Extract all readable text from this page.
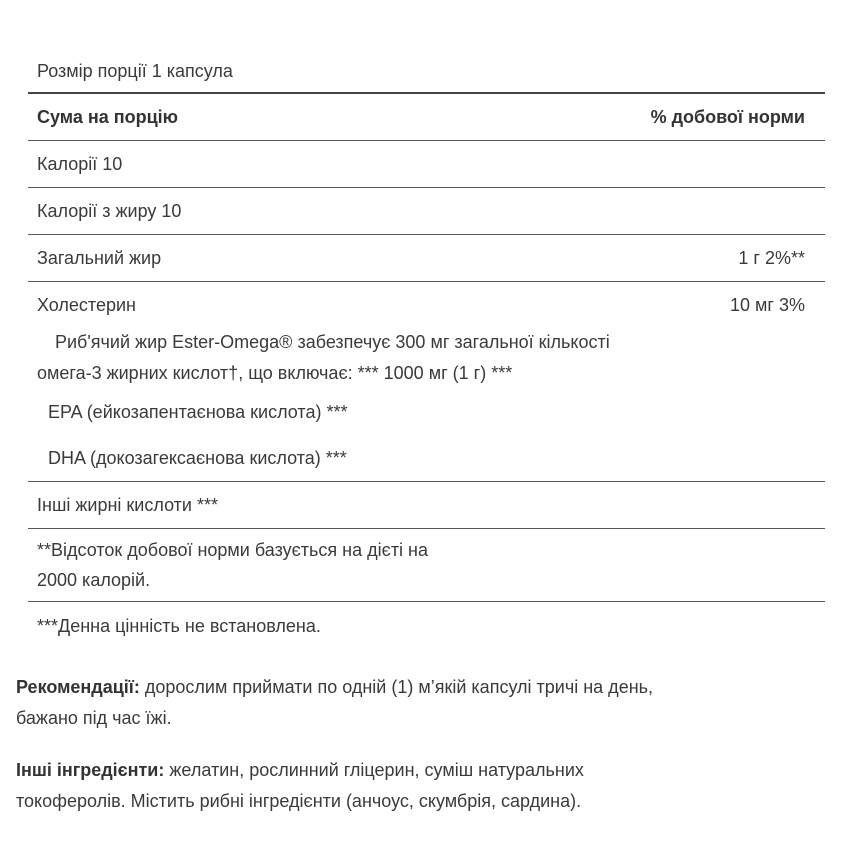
Розмір порції 1 капсула
Сума на порцію	% добової норми
Калорії 10
Калорії з жиру 10
Загальний жир	1 г 2%**
Холестерин	10 мг 3%
Риб'ячий жир Ester-Omega® забезпечує 300 мг загальної кількості
омега-3 жирних кислот†, що включає: *** 1000 мг (1 г) ***
EPA (ейкозапентаєнова кислота) ***
DHA (докозагексаєнова кислота) ***
Інші жирні кислоти ***
**Відсоток добової норми базується на дієті на
2000 калорій.
***Денна цінність не встановлена.

Рекомендації: дорослим приймати по одній (1) м’якій капсулі тричі на день,
бажано під час їжі.

Інші інгредієнти: желатин, рослинний гліцерин, суміш натуральних
токоферолів. Містить рибні інгредієнти (анчоус, скумбрія, сардина).
